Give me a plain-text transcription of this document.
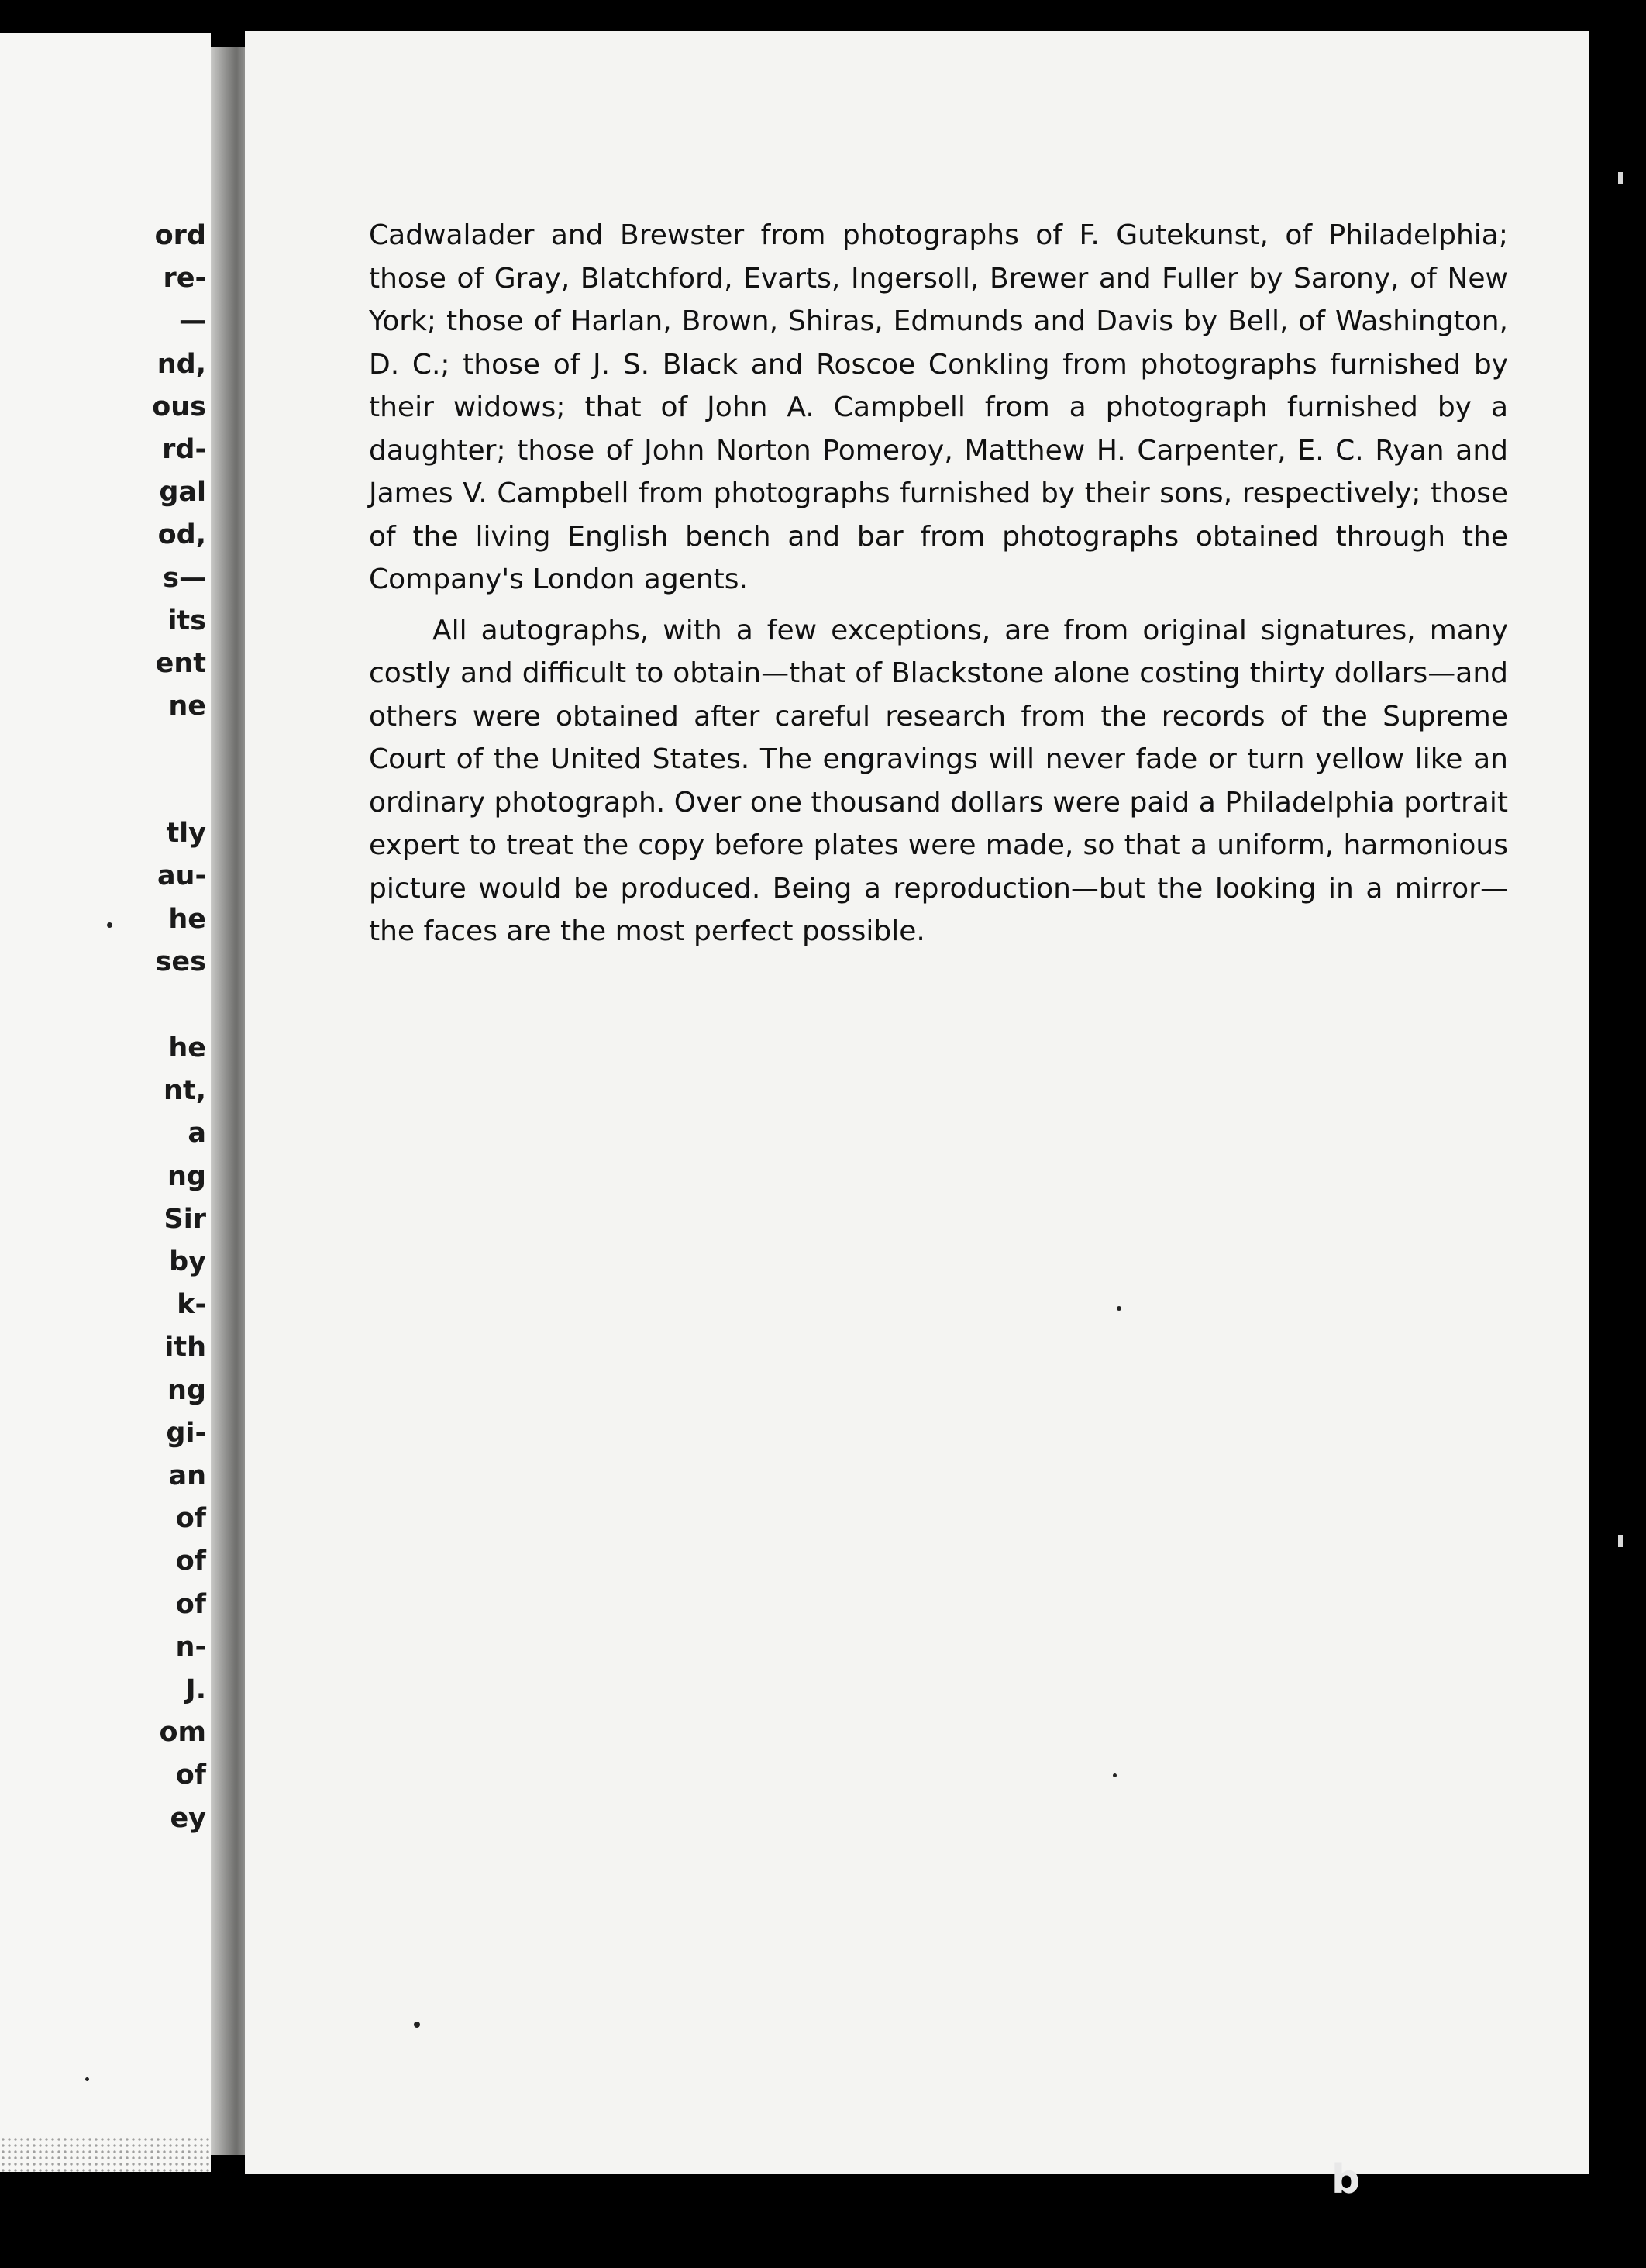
ord
re-
—
nd,
ous
rd-
gal
od,
s—
its
ent
ne
tly
au-
he
ses
he
nt,
a
ng
Sir
by
k-
ith
ng
gi-
an
of
of
of
n-
J.
om
of
ey

Cadwalader and Brewster from photographs of F. Gutekunst, of Philadelphia; those of Gray, Blatchford, Evarts, Ingersoll, Brewer and Fuller by Sarony, of New York; those of Harlan, Brown, Shiras, Edmunds and Davis by Bell, of Washington, D. C.; those of J. S. Black and Roscoe Conkling from photographs furnished by their widows; that of John A. Campbell from a photograph furnished by a daughter; those of John Norton Pomeroy, Matthew H. Carpenter, E. C. Ryan and James V. Campbell from photographs furnished by their sons, respectively; those of the living English bench and bar from photographs obtained through the Company's London agents.

All autographs, with a few exceptions, are from original signatures, many costly and difficult to obtain—that of Blackstone alone costing thirty dollars—and others were obtained after careful research from the records of the Supreme Court of the United States. The engravings will never fade or turn yellow like an ordinary photograph. Over one thousand dollars were paid a Philadelphia portrait expert to treat the copy before plates were made, so that a uniform, harmonious picture would be produced. Being a reproduction—but the looking in a mirror—the faces are the most perfect possible.

b
